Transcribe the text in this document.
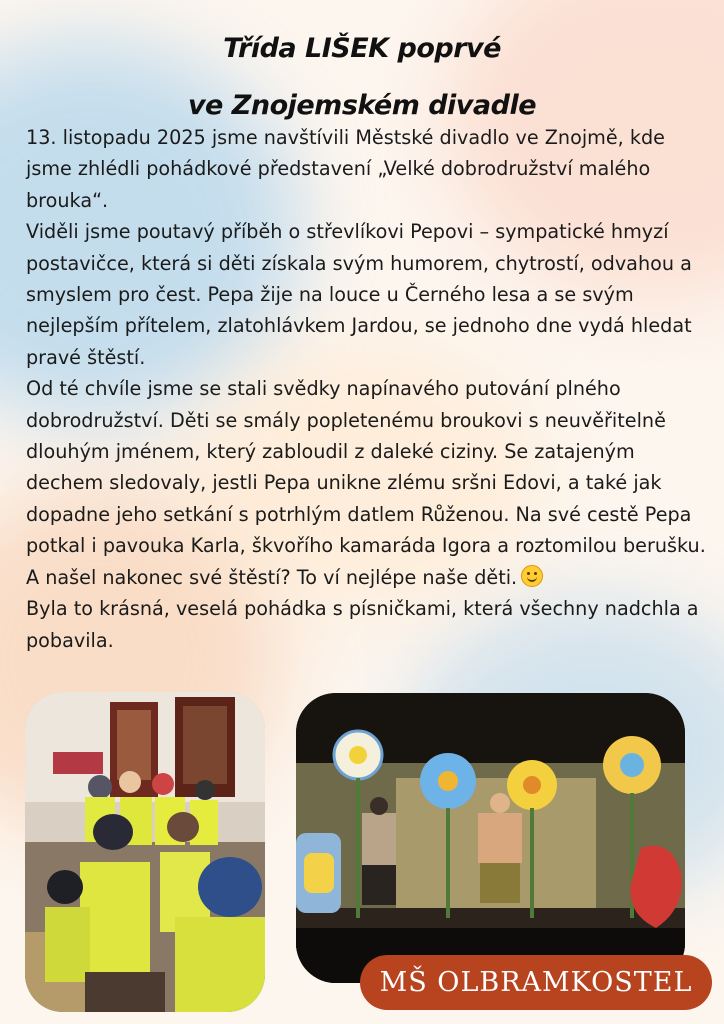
Třída LIŠEK poprvé
ve Znojemském divadle

13. listopadu 2025 jsme navštívili Městské divadlo ve Znojmě, kde jsme zhlédli pohádkové představení „Velké dobrodružství malého brouka“.

Viděli jsme poutavý příběh o střevlíkovi Pepovi – sympatické hmyzí postavičce, která si děti získala svým humorem, chytrostí, odvahou a smyslem pro čest. Pepa žije na louce u Černého lesa a se svým nejlepším přítelem, zlatohlávkem Jardou, se jednoho dne vydá hledat pravé štěstí.

Od té chvíle jsme se stali svědky napínavého putování plného dobrodružství. Děti se smály popletenému broukovi s neuvěřitelně dlouhým jménem, který zabloudil z daleké ciziny. Se zatajeným dechem sledovaly, jestli Pepa unikne zlému sršni Edovi, a také jak dopadne jeho setkání s potrhlým datlem Růženou. Na své cestě Pepa potkal i pavouka Karla, škvořího kamaráda Igora a roztomilou berušku.

A našel nakonec své štěstí? To ví nejlépe naše děti.

Byla to krásná, veselá pohádka s písničkami, která všechny nadchla a pobavila.

MŠ OLBRAMKOSTEL
